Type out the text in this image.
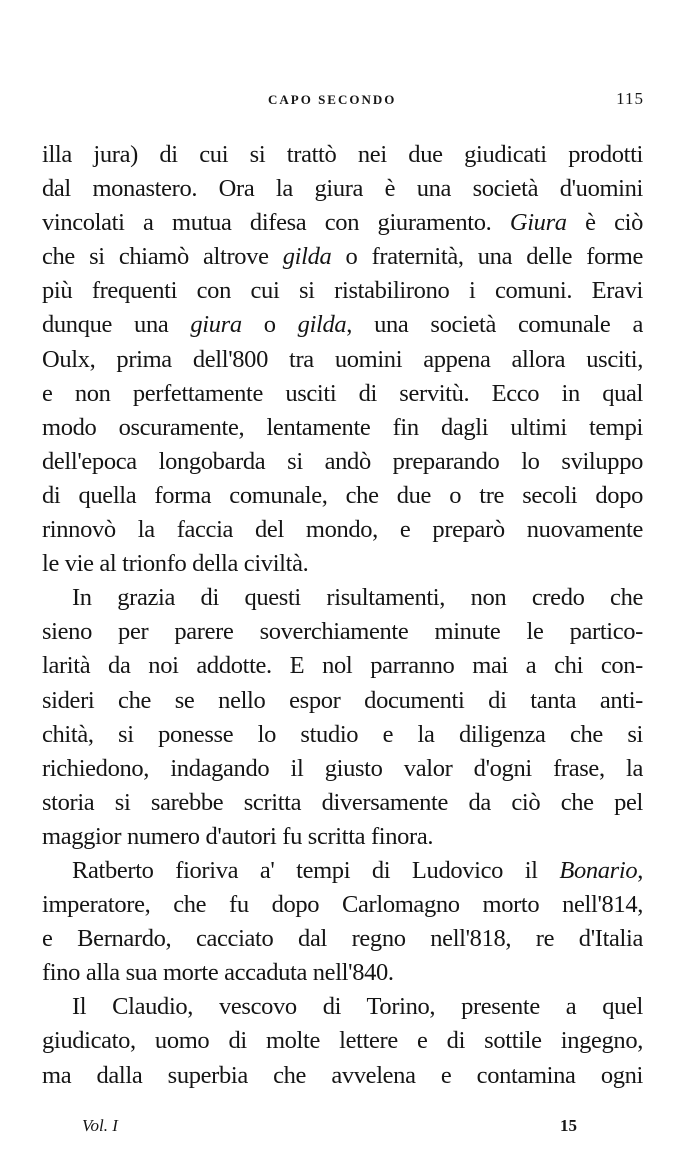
CAPO SECONDO	115
illa jura) di cui si trattò nei due giudicati prodotti
dal monastero. Ora la giura è una società d'uomini
vincolati a mutua difesa con giuramento. Giura è ciò
che si chiamò altrove gilda o fraternità, una delle forme
più frequenti con cui si ristabilirono i comuni. Eravi
dunque una giura o gilda, una società comunale a
Oulx, prima dell'800 tra uomini appena allora usciti,
e non perfettamente usciti di servitù. Ecco in qual
modo oscuramente, lentamente fin dagli ultimi tempi
dell'epoca longobarda si andò preparando lo sviluppo
di quella forma comunale, che due o tre secoli dopo
rinnovò la faccia del mondo, e preparò nuovamente
le vie al trionfo della civiltà.
In grazia di questi risultamenti, non credo che
sieno per parere soverchiamente minute le partico-
larità da noi addotte. E nol parranno mai a chi con-
sideri che se nello espor documenti di tanta anti-
chità, si ponesse lo studio e la diligenza che si
richiedono, indagando il giusto valor d'ogni frase, la
storia si sarebbe scritta diversamente da ciò che pel
maggior numero d'autori fu scritta finora.
Ratberto fioriva a' tempi di Ludovico il Bonario,
imperatore, che fu dopo Carlomagno morto nell'814,
e Bernardo, cacciato dal regno nell'818, re d'Italia
fino alla sua morte accaduta nell'840.
Il Claudio, vescovo di Torino, presente a quel
giudicato, uomo di molte lettere e di sottile ingegno,
ma dalla superbia che avvelena e contamina ogni
Vol. I	15
